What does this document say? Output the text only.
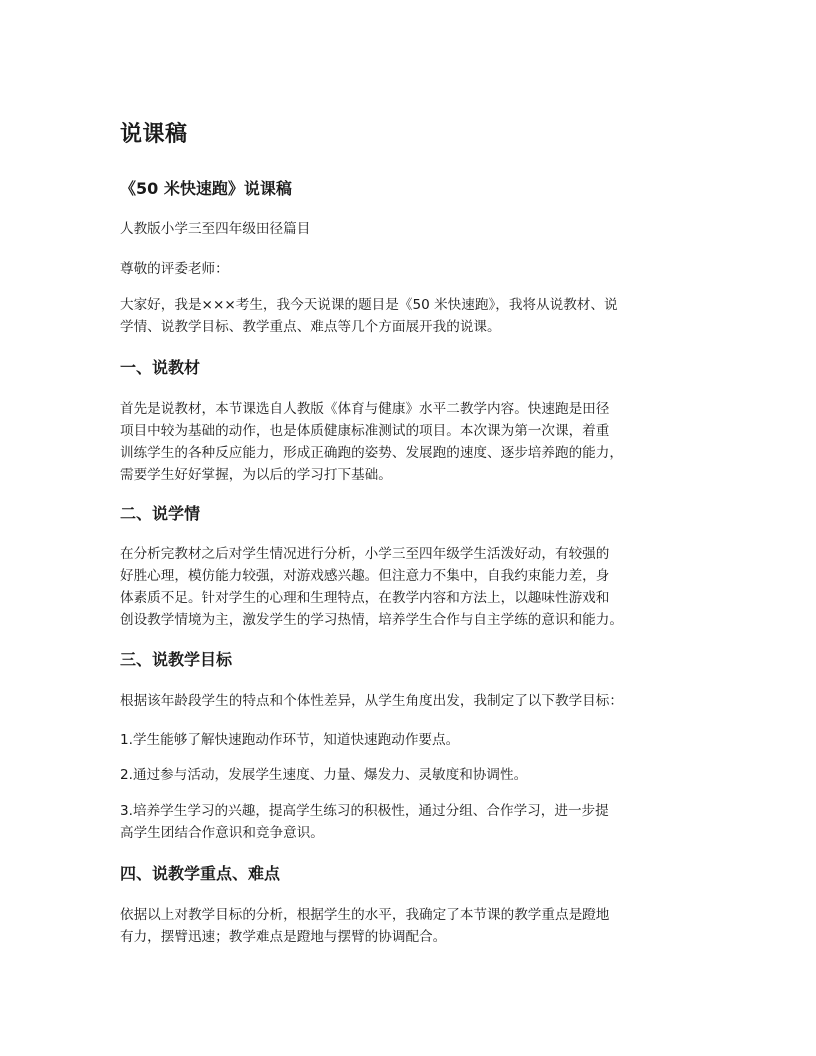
说课稿
《50 米快速跑》说课稿

人教版小学三至四年级田径篇目

尊敬的评委老师：

大家好，我是×××考生，我今天说课的题目是《50 米快速跑》，我将从说教材、说
学情、说教学目标、教学重点、难点等几个方面展开我的说课。

一、说教材

首先是说教材，本节课选自人教版《体育与健康》水平二教学内容。快速跑是田径
项目中较为基础的动作，也是体质健康标准测试的项目。本次课为第一次课，着重
训练学生的各种反应能力，形成正确跑的姿势、发展跑的速度、逐步培养跑的能力，
需要学生好好掌握，为以后的学习打下基础。

二、说学情

在分析完教材之后对学生情况进行分析，小学三至四年级学生活泼好动，有较强的
好胜心理，模仿能力较强，对游戏感兴趣。但注意力不集中，自我约束能力差，身
体素质不足。针对学生的心理和生理特点，在教学内容和方法上，以趣味性游戏和
创设教学情境为主，激发学生的学习热情，培养学生合作与自主学练的意识和能力。

三、说教学目标

根据该年龄段学生的特点和个体性差异，从学生角度出发，我制定了以下教学目标：

1.学生能够了解快速跑动作环节，知道快速跑动作要点。

2.通过参与活动，发展学生速度、力量、爆发力、灵敏度和协调性。

3.培养学生学习的兴趣，提高学生练习的积极性，通过分组、合作学习，进一步提
高学生团结合作意识和竞争意识。

四、说教学重点、难点

依据以上对教学目标的分析，根据学生的水平，我确定了本节课的教学重点是蹬地
有力，摆臂迅速；教学难点是蹬地与摆臂的协调配合。
